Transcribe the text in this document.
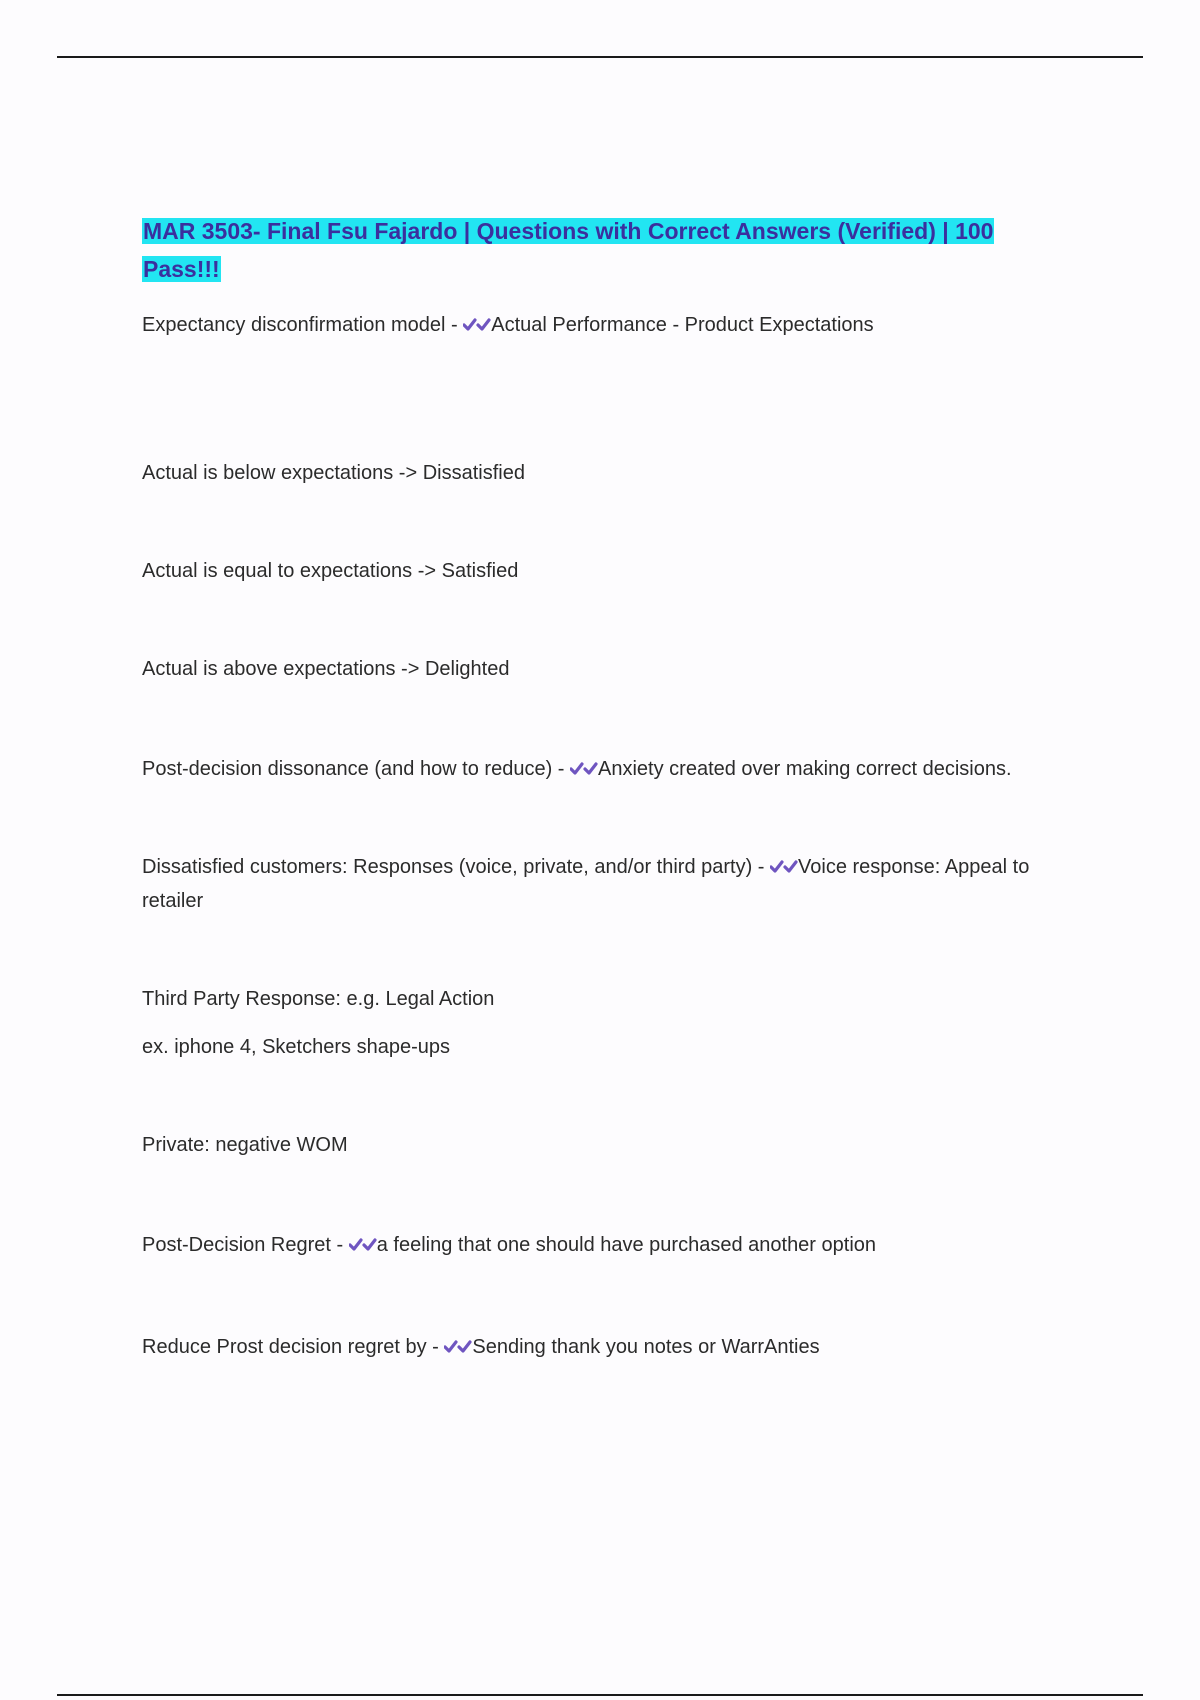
MAR 3503- Final Fsu Fajardo | Questions with Correct Answers (Verified) | 100 Pass!!!

Expectancy disconfirmation model -
Actual Performance - Product Expectations

Actual is below expectations -> Dissatisfied

Actual is equal to expectations -> Satisfied

Actual is above expectations -> Delighted

Post-decision dissonance (and how to reduce) -
Anxiety created over making correct decisions.

Dissatisfied customers: Responses (voice, private, and/or third party) -
Voice response: Appeal to retailer

Third Party Response: e.g. Legal Action

ex. iphone 4, Sketchers shape-ups

Private: negative WOM

Post-Decision Regret -
a feeling that one should have purchased another option

Reduce Prost decision regret by -
Sending thank you notes or WarrAnties
